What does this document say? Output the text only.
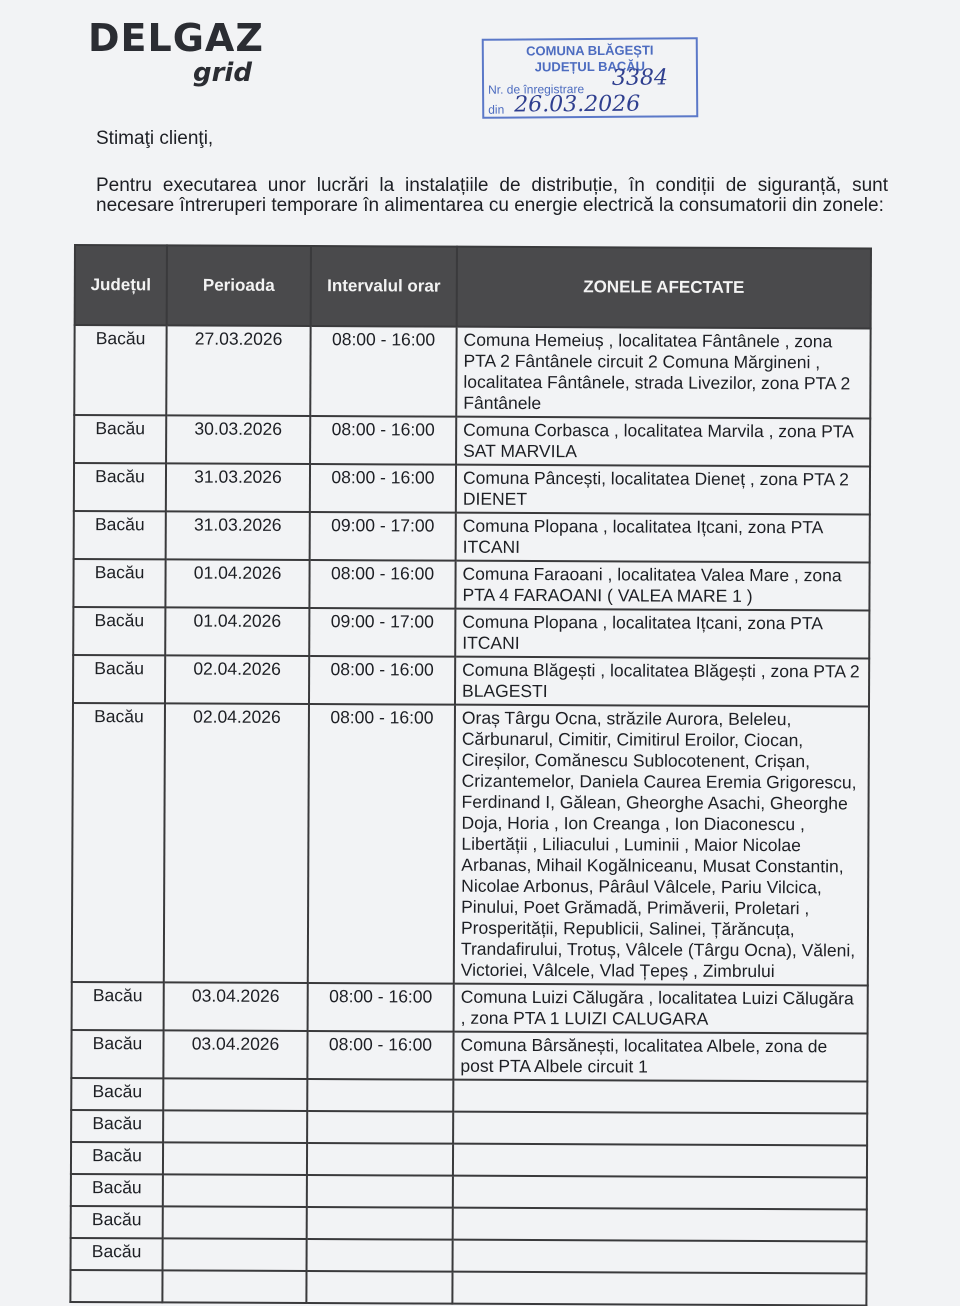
DELGAZ
grid
COMUNA BLĂGEȘTI
JUDEȚUL BACĂU
Nr. de înregistrare
din
3384
26.03.2026
Stimaţi clienţi,
Pentru executarea unor lucrări la instalațiile de distribuție, în condiții de siguranță, sunt necesare întreruperi temporare în alimentarea cu energie electrică la consumatorii din zonele:
Județul	Perioada	Intervalul orar	ZONELE AFECTATE
Bacău	27.03.2026	08:00 - 16:00	Comuna Hemeiuș , localitatea Fântânele , zona PTA 2 Fântânele circuit 2 Comuna Mărgineni , localitatea Fântânele, strada Livezilor, zona PTA 2 Fântânele
Bacău	30.03.2026	08:00 - 16:00	Comuna Corbasca , localitatea Marvila , zona PTA SAT MARVILA
Bacău	31.03.2026	08:00 - 16:00	Comuna Pâncești, localitatea Dieneț , zona PTA 2 DIENET
Bacău	31.03.2026	09:00 - 17:00	Comuna Plopana , localitatea Ițcani, zona PTA ITCANI
Bacău	01.04.2026	08:00 - 16:00	Comuna Faraoani , localitatea Valea Mare , zona PTA 4 FARAOANI ( VALEA MARE 1 )
Bacău	01.04.2026	09:00 - 17:00	Comuna Plopana , localitatea Ițcani, zona PTA ITCANI
Bacău	02.04.2026	08:00 - 16:00	Comuna Blăgești , localitatea Blăgești , zona PTA 2 BLAGESTI
Bacău	02.04.2026	08:00 - 16:00	Oraș Târgu Ocna, străzile Aurora, Beleleu, Cărbunarul, Cimitir, Cimitirul Eroilor, Ciocan, Cireșilor, Comănescu Sublocotenent, Crișan, Crizantemelor, Daniela Caurea Eremia Grigorescu, Ferdinand I, Gălean, Gheorghe Asachi, Gheorghe Doja, Horia , Ion Creanga , Ion Diaconescu , Libertății , Liliacului , Luminii , Maior Nicolae Arbanas, Mihail Kogălniceanu, Musat Constantin, Nicolae Arbonus, Pârâul Vâlcele, Pariu Vilcica, Pinului, Poet Grămadă, Primăverii, Proletari , Prosperității, Republicii, Salinei, Țărăncuța, Trandafirului, Trotuș, Vâlcele (Târgu Ocna), Văleni, Victoriei, Vâlcele, Vlad Țepeș , Zimbrului
Bacău	03.04.2026	08:00 - 16:00	Comuna Luizi Călugăra , localitatea Luizi Călugăra , zona PTA 1 LUIZI CALUGARA
Bacău	03.04.2026	08:00 - 16:00	Comuna Bârsănești, localitatea Albele, zona de post PTA Albele circuit 1
Bacău			
Bacău			
Bacău			
Bacău			
Bacău			
Bacău			
